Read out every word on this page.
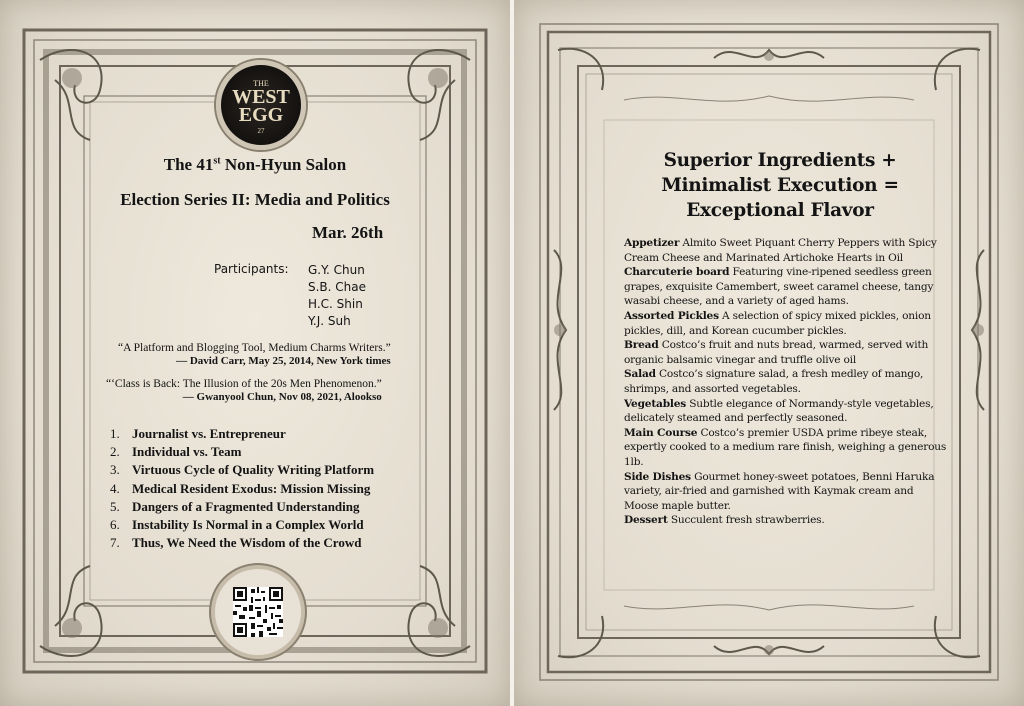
THE
WEST EGG
27
The 41st Non-Hyun Salon
Election Series II: Media and Politics
Mar. 26th
Participants: G.Y. Chun
S.B. Chae
H.C. Shin
Y.J. Suh
“A Platform and Blogging Tool, Medium Charms Writers.”
— David Carr, May 25, 2014, New York times
“‘Class is Back: The Illusion of the 20s Men Phenomenon.”
— Gwanyool Chun, Nov 08, 2021, Alookso
1. Journalist vs. Entrepreneur
2. Individual vs. Team
3. Virtuous Cycle of Quality Writing Platform
4. Medical Resident Exodus: Mission Missing
5. Dangers of a Fragmented Understanding
6. Instability Is Normal in a Complex World
7. Thus, We Need the Wisdom of the Crowd
Superior Ingredients +
Minimalist Execution =
Exceptional Flavor
Appetizer Almito Sweet Piquant Cherry Peppers with Spicy Cream Cheese and Marinated Artichoke Hearts in Oil
Charcuterie board Featuring vine-ripened seedless green grapes, exquisite Camembert, sweet caramel cheese, tangy wasabi cheese, and a variety of aged hams.
Assorted Pickles A selection of spicy mixed pickles, onion pickles, dill, and Korean cucumber pickles.
Bread Costco’s fruit and nuts bread, warmed, served with organic balsamic vinegar and truffle olive oil
Salad Costco’s signature salad, a fresh medley of mango, shrimps, and assorted vegetables.
Vegetables Subtle elegance of Normandy-style vegetables, delicately steamed and perfectly seasoned.
Main Course Costco’s premier USDA prime ribeye steak, expertly cooked to a medium rare finish, weighing a generous 1lb.
Side Dishes Gourmet honey-sweet potatoes, Benni Haruka variety, air-fried and garnished with Kaymak cream and Moose maple butter.
Dessert Succulent fresh strawberries.
